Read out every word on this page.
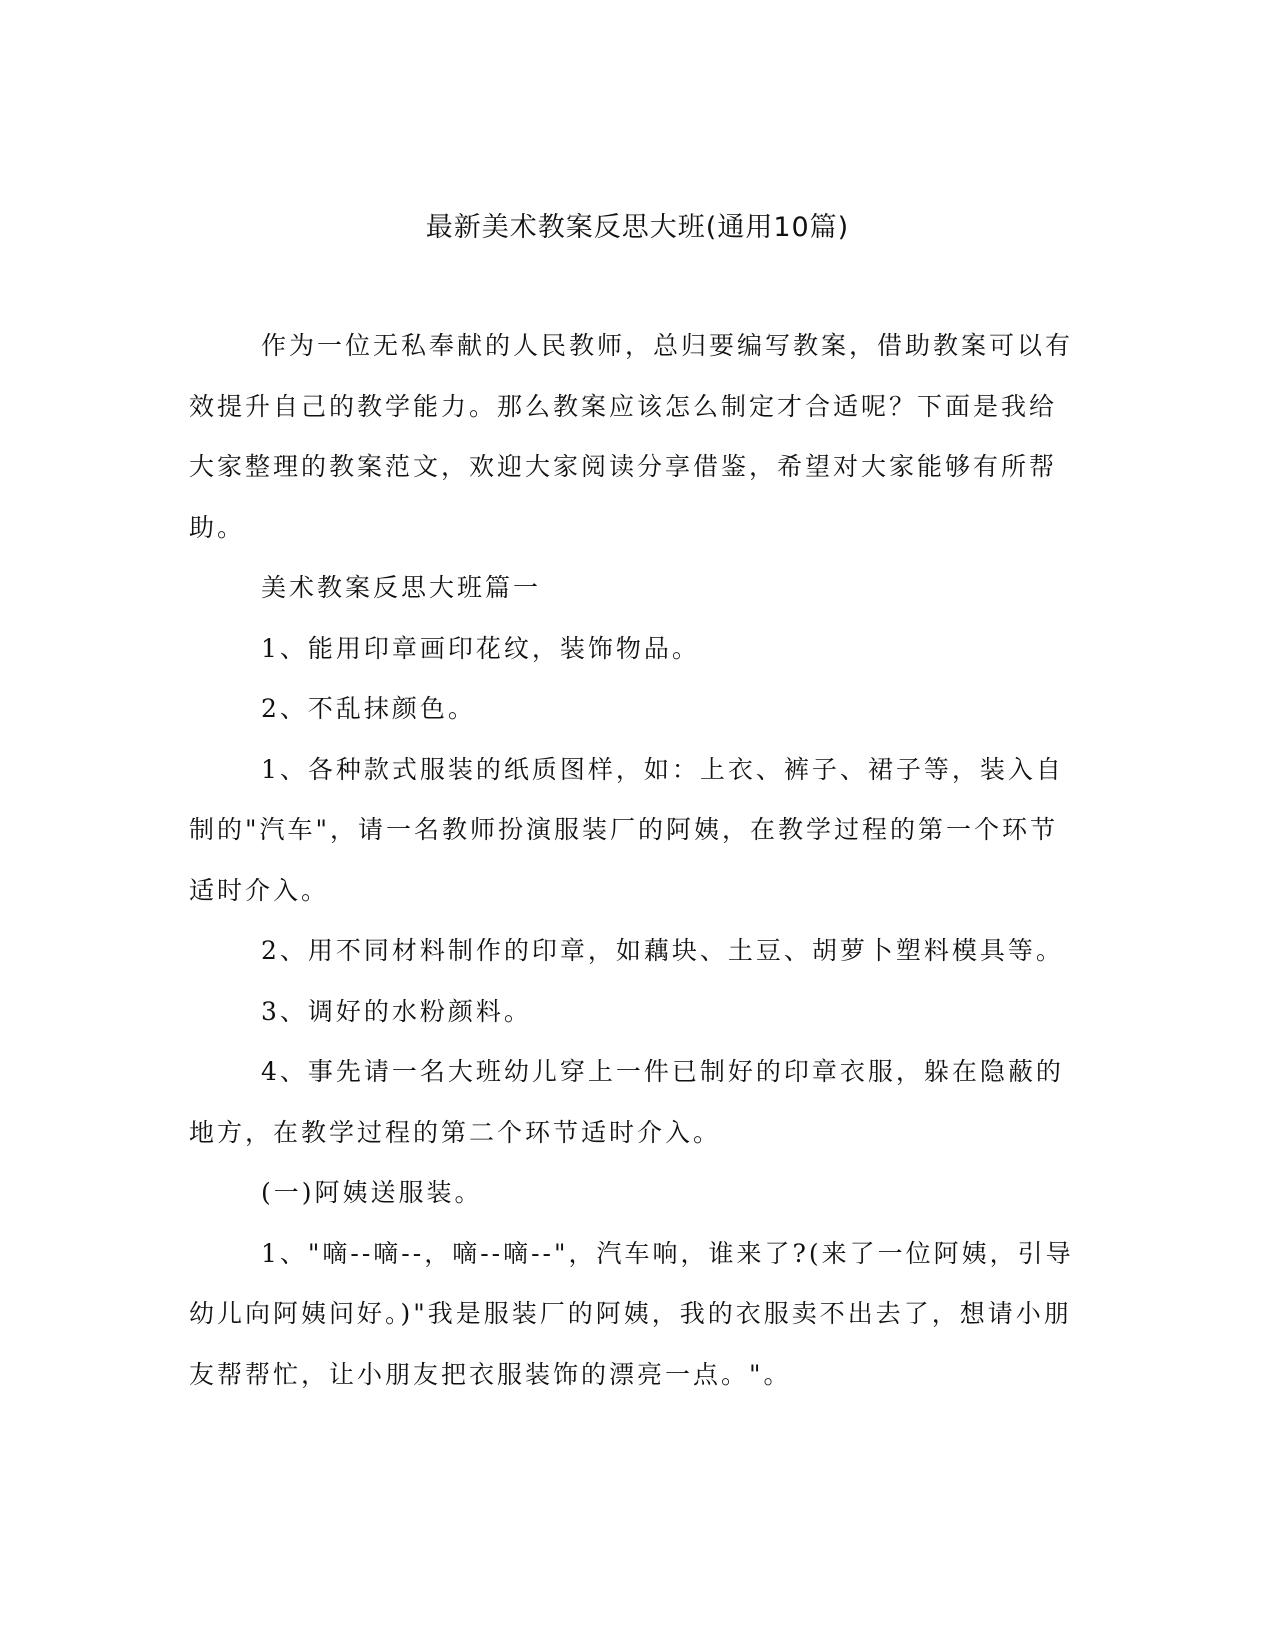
最新美术教案反思大班(通用10篇)

作为一位无私奉献的人民教师，总归要编写教案，借助教案可以有效提升自己的教学能力。那么教案应该怎么制定才合适呢？下面是我给大家整理的教案范文，欢迎大家阅读分享借鉴，希望对大家能够有所帮助。

美术教案反思大班篇一

1、能用印章画印花纹，装饰物品。

2、不乱抹颜色。

1、各种款式服装的纸质图样，如：上衣、裤子、裙子等，装入自制的"汽车"，请一名教师扮演服装厂的阿姨，在教学过程的第一个环节适时介入。

2、用不同材料制作的印章，如藕块、土豆、胡萝卜塑料模具等。

3、调好的水粉颜料。

4、事先请一名大班幼儿穿上一件已制好的印章衣服，躲在隐蔽的地方，在教学过程的第二个环节适时介入。

(一)阿姨送服装。

1、"嘀--嘀--，嘀--嘀--"，汽车响，谁来了?(来了一位阿姨，引导幼儿向阿姨问好。)"我是服装厂的阿姨，我的衣服卖不出去了，想请小朋友帮帮忙，让小朋友把衣服装饰的漂亮一点。"。
